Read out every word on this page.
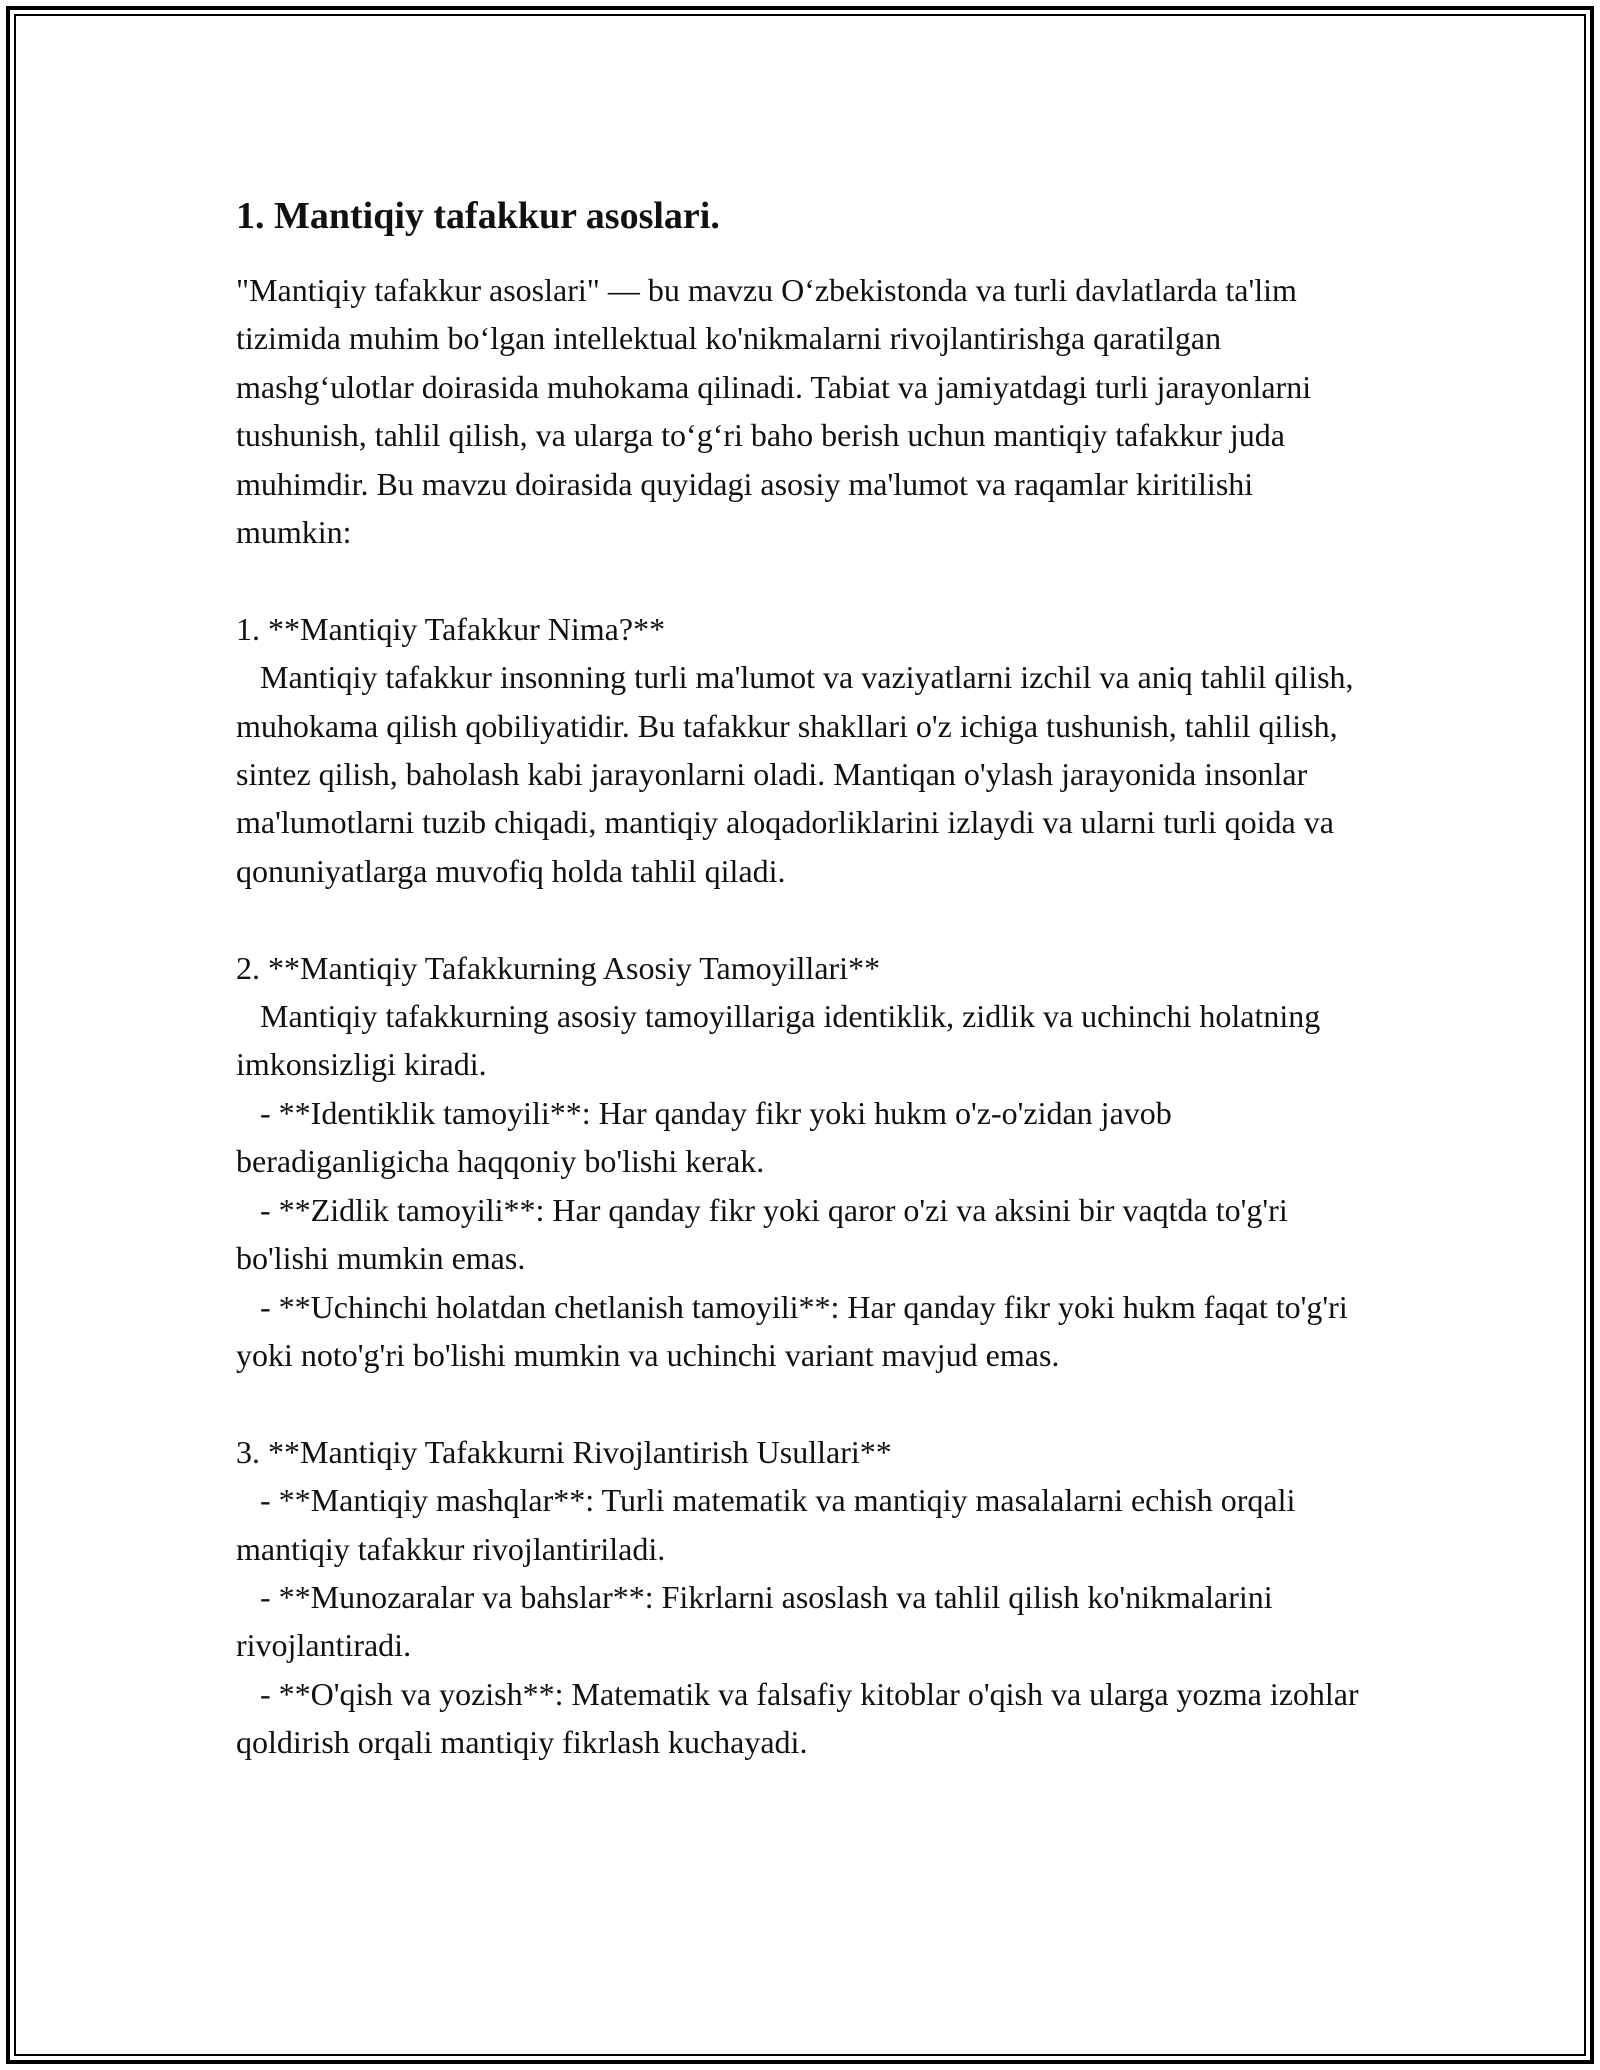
1. Mantiqiy tafakkur asoslari.

"Mantiqiy tafakkur asoslari" — bu mavzu O‘zbekistonda va turli davlatlarda ta'lim tizimida muhim bo‘lgan intellektual ko'nikmalarni rivojlantirishga qaratilgan mashg‘ulotlar doirasida muhokama qilinadi. Tabiat va jamiyatdagi turli jarayonlarni tushunish, tahlil qilish, va ularga to‘g‘ri baho berish uchun mantiqiy tafakkur juda muhimdir. Bu mavzu doirasida quyidagi asosiy ma'lumot va raqamlar kiritilishi mumkin:

1. **Mantiqiy Tafakkur Nima?**

Mantiqiy tafakkur insonning turli ma'lumot va vaziyatlarni izchil va aniq tahlil qilish, muhokama qilish qobiliyatidir. Bu tafakkur shakllari o'z ichiga tushunish, tahlil qilish, sintez qilish, baholash kabi jarayonlarni oladi. Mantiqan o'ylash jarayonida insonlar ma'lumotlarni tuzib chiqadi, mantiqiy aloqadorliklarini izlaydi va ularni turli qoida va qonuniyatlarga muvofiq holda tahlil qiladi.

2. **Mantiqiy Tafakkurning Asosiy Tamoyillari**

Mantiqiy tafakkurning asosiy tamoyillariga identiklik, zidlik va uchinchi holatning imkonsizligi kiradi.

- **Identiklik tamoyili**: Har qanday fikr yoki hukm o'z-o'zidan javob beradiganligicha haqqoniy bo'lishi kerak.

- **Zidlik tamoyili**: Har qanday fikr yoki qaror o'zi va aksini bir vaqtda to'g'ri bo'lishi mumkin emas.

- **Uchinchi holatdan chetlanish tamoyili**: Har qanday fikr yoki hukm faqat to'g'ri yoki noto'g'ri bo'lishi mumkin va uchinchi variant mavjud emas.

3. **Mantiqiy Tafakkurni Rivojlantirish Usullari**

- **Mantiqiy mashqlar**: Turli matematik va mantiqiy masalalarni echish orqali mantiqiy tafakkur rivojlantiriladi.

- **Munozaralar va bahslar**: Fikrlarni asoslash va tahlil qilish ko'nikmalarini rivojlantiradi.

- **O'qish va yozish**: Matematik va falsafiy kitoblar o'qish va ularga yozma izohlar qoldirish orqali mantiqiy fikrlash kuchayadi.
